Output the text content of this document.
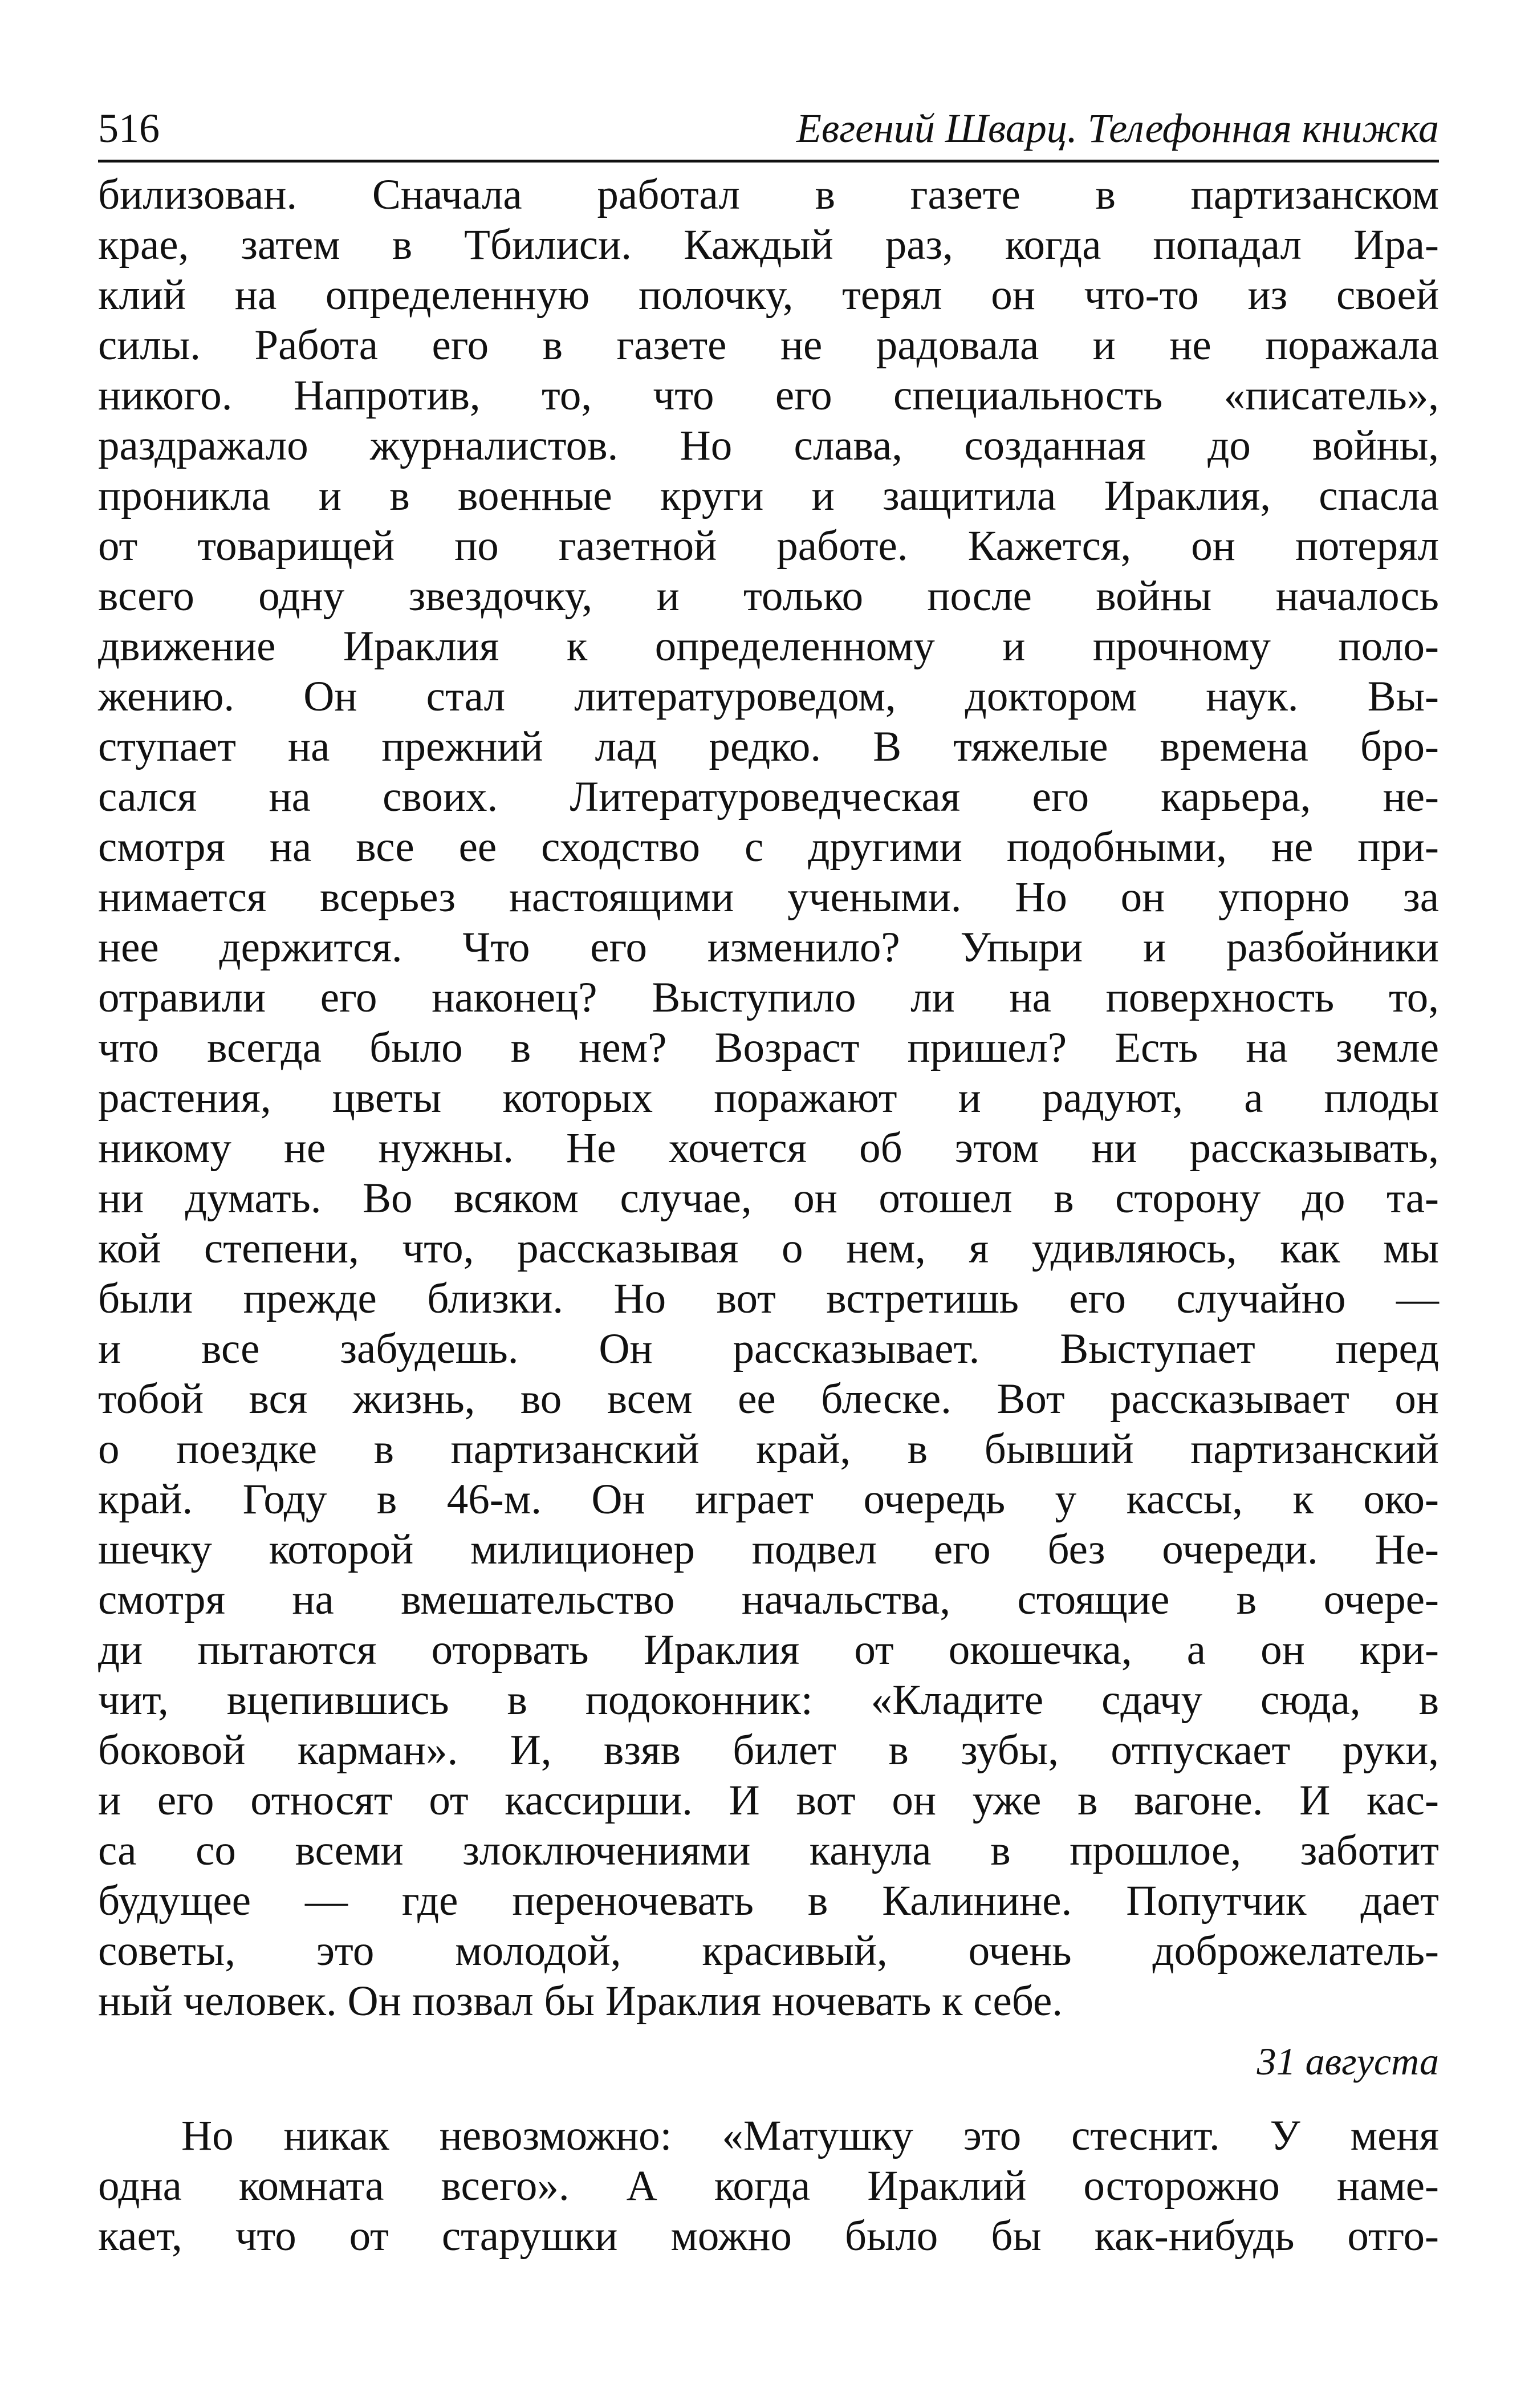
516	Евгений Шварц. Телефонная книжка
билизован. Сначала работал в газете в партизанском
крае, затем в Тбилиси. Каждый раз, когда попадал Ира-
клий на определенную полочку, терял он что-то из своей
силы. Работа его в газете не радовала и не поражала
никого. Напротив, то, что его специальность «писатель»,
раздражало журналистов. Но слава, созданная до войны,
проникла и в военные круги и защитила Ираклия, спасла
от товарищей по газетной работе. Кажется, он потерял
всего одну звездочку, и только после войны началось
движение Ираклия к определенному и прочному поло-
жению. Он стал литературоведом, доктором наук. Вы-
ступает на прежний лад редко. В тяжелые времена бро-
сался на своих. Литературоведческая его карьера, не-
смотря на все ее сходство с другими подобными, не при-
нимается всерьез настоящими учеными. Но он упорно за
нее держится. Что его изменило? Упыри и разбойники
отравили его наконец? Выступило ли на поверхность то,
что всегда было в нем? Возраст пришел? Есть на земле
растения, цветы которых поражают и радуют, а плоды
никому не нужны. Не хочется об этом ни рассказывать,
ни думать. Во всяком случае, он отошел в сторону до та-
кой степени, что, рассказывая о нем, я удивляюсь, как мы
были прежде близки. Но вот встретишь его случайно —
и все забудешь. Он рассказывает. Выступает перед
тобой вся жизнь, во всем ее блеске. Вот рассказывает он
о поездке в партизанский край, в бывший партизанский
край. Году в 46-м. Он играет очередь у кассы, к око-
шечку которой милиционер подвел его без очереди. Не-
смотря на вмешательство начальства, стоящие в очере-
ди пытаются оторвать Ираклия от окошечка, а он кри-
чит, вцепившись в подоконник: «Кладите сдачу сюда, в
боковой карман». И, взяв билет в зубы, отпускает руки,
и его относят от кассирши. И вот он уже в вагоне. И кас-
са со всеми злоключениями канула в прошлое, заботит
будущее — где переночевать в Калинине. Попутчик дает
советы, это молодой, красивый, очень доброжелатель-
ный человек. Он позвал бы Ираклия ночевать к себе.
31 августа
Но никак невозможно: «Матушку это стеснит. У меня
одна комната всего». А когда Ираклий осторожно наме-
кает, что от старушки можно было бы как-нибудь отго-
